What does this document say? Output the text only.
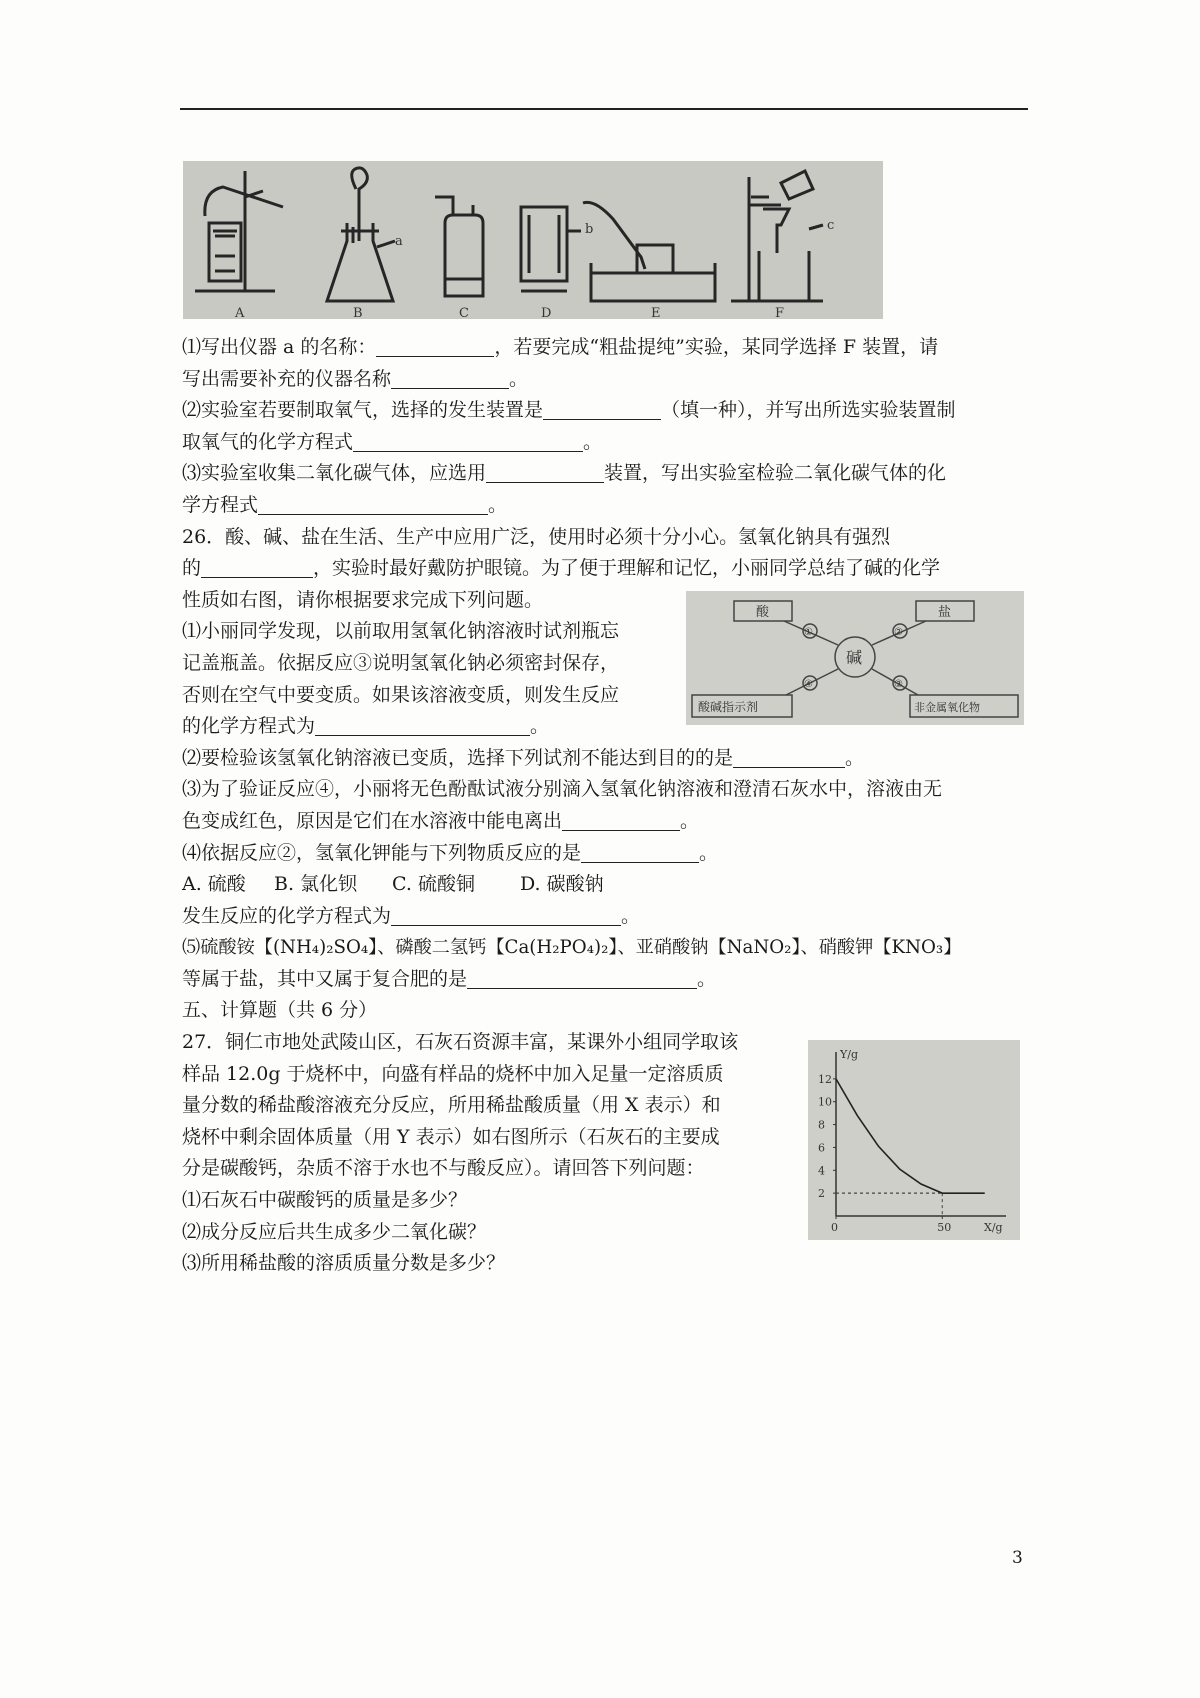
A	B	C	D	E	F
a
b	c
碱
酸	盐
酸碱指示剂	非金属氧化物
①	②
④	③
2
4
6
8
10
12
0	50
Y/g
X/g
⑴写出仪器 a 的名称：	，若要完成“粗盐提纯”实验，某同学选择 F 装置，请
写出需要补充的仪器名称	。
⑵实验室若要制取氧气，选择的发生装置是	（填一种），并写出所选实验装置制
取氧气的化学方程式	。
⑶实验室收集二氧化碳气体，应选用	装置，写出实验室检验二氧化碳气体的化
学方程式	。
26．酸、碱、盐在生活、生产中应用广泛，使用时必须十分小心。氢氧化钠具有强烈
的	，实验时最好戴防护眼镜。为了便于理解和记忆，小丽同学总结了碱的化学
性质如右图，请你根据要求完成下列问题。
⑴小丽同学发现，以前取用氢氧化钠溶液时试剂瓶忘
记盖瓶盖。依据反应③说明氢氧化钠必须密封保存，
否则在空气中要变质。如果该溶液变质，则发生反应
的化学方程式为	。
⑵要检验该氢氧化钠溶液已变质，选择下列试剂不能达到目的的是	。
⑶为了验证反应④，小丽将无色酚酞试液分别滴入氢氧化钠溶液和澄清石灰水中，溶液由无
色变成红色，原因是它们在水溶液中能电离出	。
⑷依据反应②，氢氧化钾能与下列物质反应的是	。
A. 硫酸 B. 氯化钡 C. 硫酸铜 D. 碳酸钠
发生反应的化学方程式为	。
⑸硫酸铵【(NH₄)₂SO₄】、磷酸二氢钙【Ca(H₂PO₄)₂】、亚硝酸钠【NaNO₂】、硝酸钾【KNO₃】
等属于盐，其中又属于复合肥的是	。
五、计算题（共 6 分）
27．铜仁市地处武陵山区，石灰石资源丰富，某课外小组同学取该
样品 12.0g 于烧杯中，向盛有样品的烧杯中加入足量一定溶质质
量分数的稀盐酸溶液充分反应，所用稀盐酸质量（用 X 表示）和
烧杯中剩余固体质量（用 Y 表示）如右图所示（石灰石的主要成
分是碳酸钙，杂质不溶于水也不与酸反应）。请回答下列问题：
⑴石灰石中碳酸钙的质量是多少？
⑵成分反应后共生成多少二氧化碳？
⑶所用稀盐酸的溶质质量分数是多少？
3
